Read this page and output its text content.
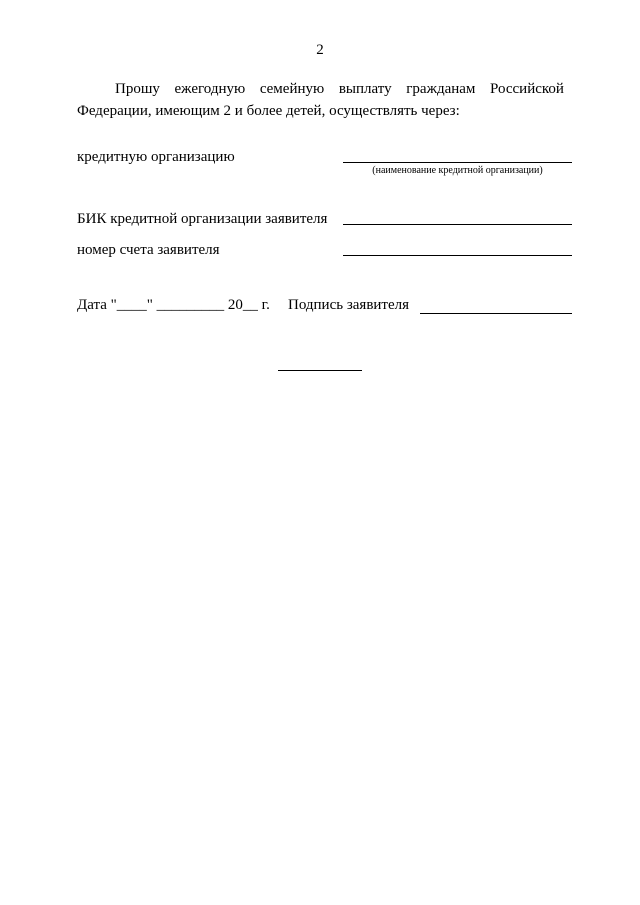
2
Прошу ежегодную семейную выплату гражданам Российской
Федерации, имеющим 2 и более детей, осуществлять через:
кредитную организацию
(наименование кредитной организации)
БИК кредитной организации заявителя
номер счета заявителя
Дата "____" _________ 20__ г. Подпись заявителя
